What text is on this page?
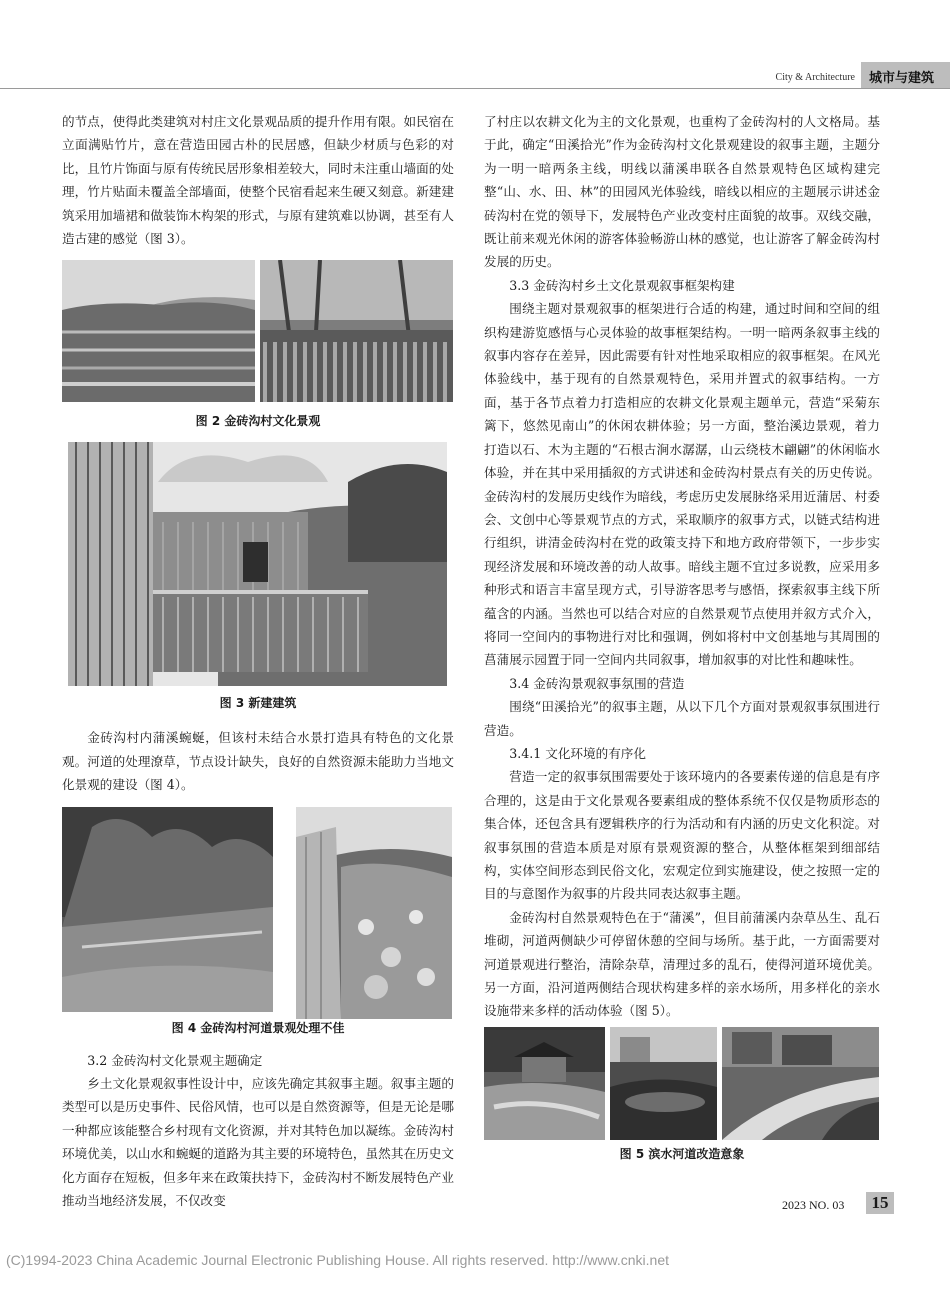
City & Architecture	城市与建筑

的节点，使得此类建筑对村庄文化景观品质的提升作用有限。如民宿在立面满贴竹片，意在营造田园古朴的民居感，但缺少材质与色彩的对比，且竹片饰面与原有传统民居形象相差较大，同时未注重山墙面的处理，竹片贴面未覆盖全部墙面，使整个民宿看起来生硬又刻意。新建建筑采用加墙裙和做装饰木构架的形式，与原有建筑难以协调，甚至有人造古建的感觉（图 3）。

图 2 金砖沟村文化景观
图 3 新建建筑

金砖沟村内蒲溪蜿蜒，但该村未结合水景打造具有特色的文化景观。河道的处理潦草，节点设计缺失，良好的自然资源未能助力当地文化景观的建设（图 4）。

图 4 金砖沟村河道景观处理不佳
3.2 金砖沟村文化景观主题确定

乡土文化景观叙事性设计中，应该先确定其叙事主题。叙事主题的类型可以是历史事件、民俗风情，也可以是自然资源等，但是无论是哪一种都应该能整合乡村现有文化资源，并对其特色加以凝练。金砖沟村环境优美，以山水和蜿蜒的道路为其主要的环境特色，虽然其在历史文化方面存在短板，但多年来在政策扶持下，金砖沟村不断发展特色产业推动当地经济发展，不仅改变

了村庄以农耕文化为主的文化景观，也重构了金砖沟村的人文格局。基于此，确定“田溪拾光”作为金砖沟村文化景观建设的叙事主题，主题分为一明一暗两条主线，明线以蒲溪串联各自然景观特色区域构建完整“山、水、田、林”的田园风光体验线，暗线以相应的主题展示讲述金砖沟村在党的领导下，发展特色产业改变村庄面貌的故事。双线交融，既让前来观光休闲的游客体验畅游山林的感觉，也让游客了解金砖沟村发展的历史。

3.3 金砖沟村乡土文化景观叙事框架构建

围绕主题对景观叙事的框架进行合适的构建，通过时间和空间的组织构建游览感悟与心灵体验的故事框架结构。一明一暗两条叙事主线的叙事内容存在差异，因此需要有针对性地采取相应的叙事框架。在风光体验线中，基于现有的自然景观特色，采用并置式的叙事结构。一方面，基于各节点着力打造相应的农耕文化景观主题单元，营造“采菊东篱下，悠然见南山”的休闲农耕体验；另一方面，整治溪边景观，着力打造以石、木为主题的“石根古涧水潺潺，山云绕枝木翩翩”的休闲临水体验，并在其中采用插叙的方式讲述和金砖沟村景点有关的历史传说。金砖沟村的发展历史线作为暗线，考虑历史发展脉络采用近蒲居、村委会、文创中心等景观节点的方式，采取顺序的叙事方式，以链式结构进行组织，讲清金砖沟村在党的政策支持下和地方政府带领下，一步步实现经济发展和环境改善的动人故事。暗线主题不宜过多说教，应采用多种形式和语言丰富呈现方式，引导游客思考与感悟，探索叙事主线下所蕴含的内涵。当然也可以结合对应的自然景观节点使用并叙方式介入，将同一空间内的事物进行对比和强调，例如将村中文创基地与其周围的菖蒲展示园置于同一空间内共同叙事，增加叙事的对比性和趣味性。

3.4 金砖沟景观叙事氛围的营造

围绕“田溪拾光”的叙事主题，从以下几个方面对景观叙事氛围进行营造。

3.4.1 文化环境的有序化

营造一定的叙事氛围需要处于该环境内的各要素传递的信息是有序合理的，这是由于文化景观各要素组成的整体系统不仅仅是物质形态的集合体，还包含具有逻辑秩序的行为活动和有内涵的历史文化积淀。对叙事氛围的营造本质是对原有景观资源的整合，从整体框架到细部结构，实体空间形态到民俗文化，宏观定位到实施建设，使之按照一定的目的与意图作为叙事的片段共同表达叙事主题。

金砖沟村自然景观特色在于“蒲溪”，但目前蒲溪内杂草丛生、乱石堆砌，河道两侧缺少可停留休憩的空间与场所。基于此，一方面需要对河道景观进行整治，清除杂草，清理过多的乱石，使得河道环境优美。另一方面，沿河道两侧结合现状构建多样的亲水场所，用多样化的亲水设施带来多样的活动体验（图 5）。

图 5 滨水河道改造意象
2023 NO. 03	15
(C)1994-2023 China Academic Journal Electronic Publishing House. All rights reserved. http://www.cnki.net
